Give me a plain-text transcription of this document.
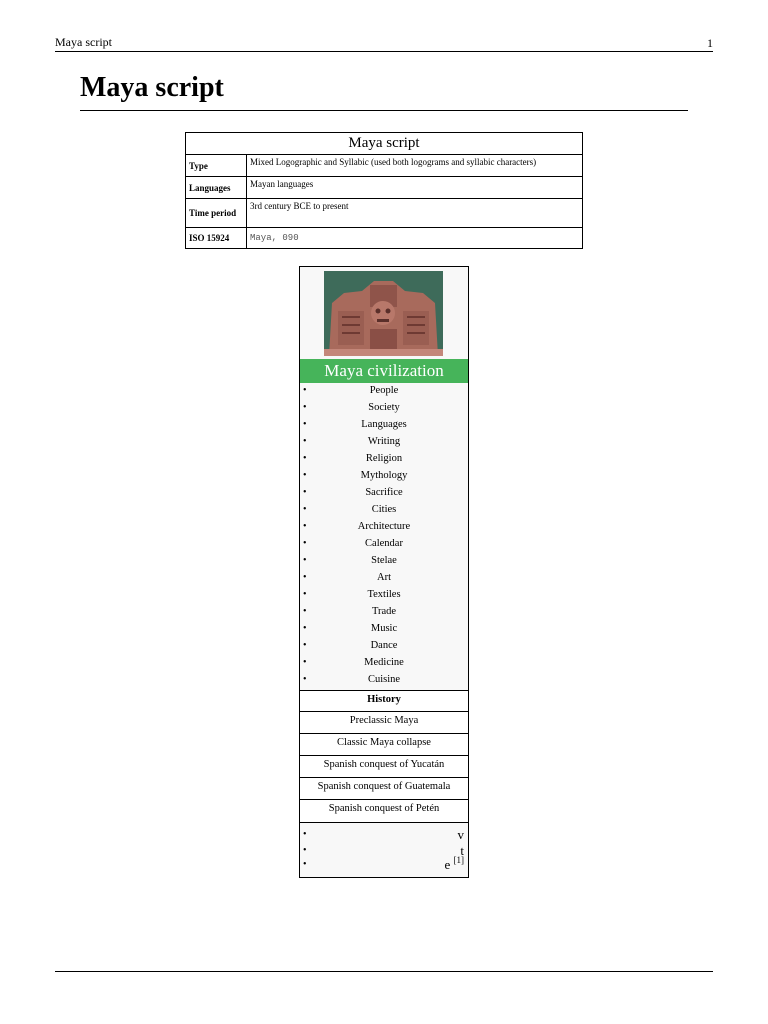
Maya script	1
Maya script
Maya script	
Type	Mixed Logographic and Syllabic (used both logograms and syllabic characters)
Languages	Mayan languages
Time period	3rd century BCE to present
ISO 15924	Maya, 090
Maya civilization
•	People
•	Society
•	Languages
•	Writing
•	Religion
•	Mythology
•	Sacrifice
•	Cities
•	Architecture
•	Calendar
•	Stelae
•	Art
•	Textiles
•	Trade
•	Music
•	Dance
•	Medicine
•	Cuisine
History
Preclassic Maya
Classic Maya collapse
Spanish conquest of Yucatán
Spanish conquest of Guatemala
Spanish conquest of Petén
•	v
•	t
•	e [1]
